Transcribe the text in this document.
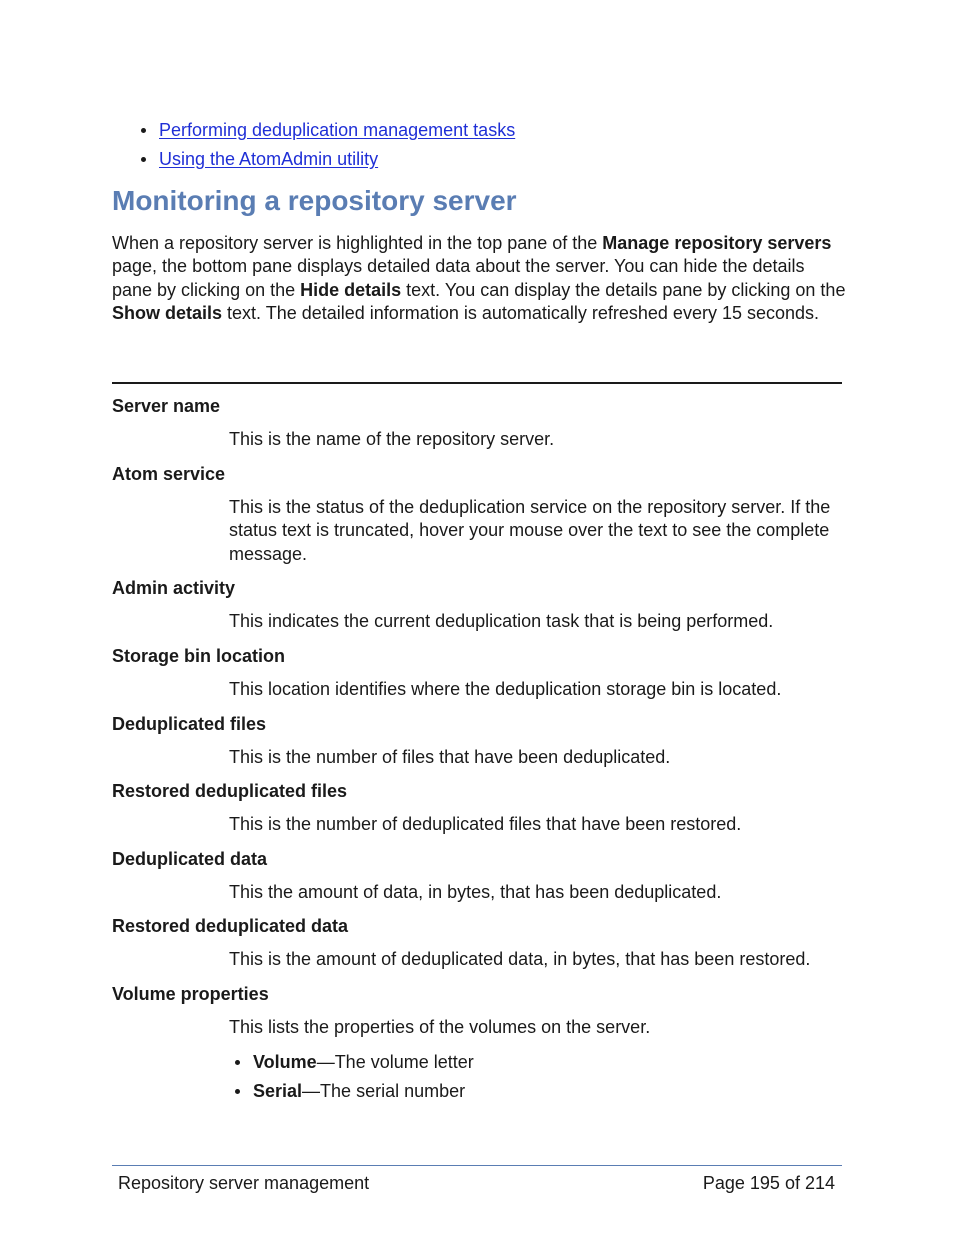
Performing deduplication management tasks
Using the AtomAdmin utility
Monitoring a repository server

When a repository server is highlighted in the top pane of the Manage repository servers page, the bottom pane displays detailed data about the server. You can hide the details pane by clicking on the Hide details text. You can display the details pane by clicking on the Show details text. The detailed information is automatically refreshed every 15 seconds.

Server name

This is the name of the repository server.

Atom service

This is the status of the deduplication service on the repository server. If the status text is truncated, hover your mouse over the text to see the complete message.

Admin activity

This indicates the current deduplication task that is being performed.

Storage bin location

This location identifies where the deduplication storage bin is located.

Deduplicated files

This is the number of files that have been deduplicated.

Restored deduplicated files

This is the number of deduplicated files that have been restored.

Deduplicated data

This the amount of data, in bytes, that has been deduplicated.

Restored deduplicated data

This is the amount of deduplicated data, in bytes, that has been restored.

Volume properties

This lists the properties of the volumes on the server.

Volume—The volume letter
Serial—The serial number
Repository server management	Page 195 of 214
